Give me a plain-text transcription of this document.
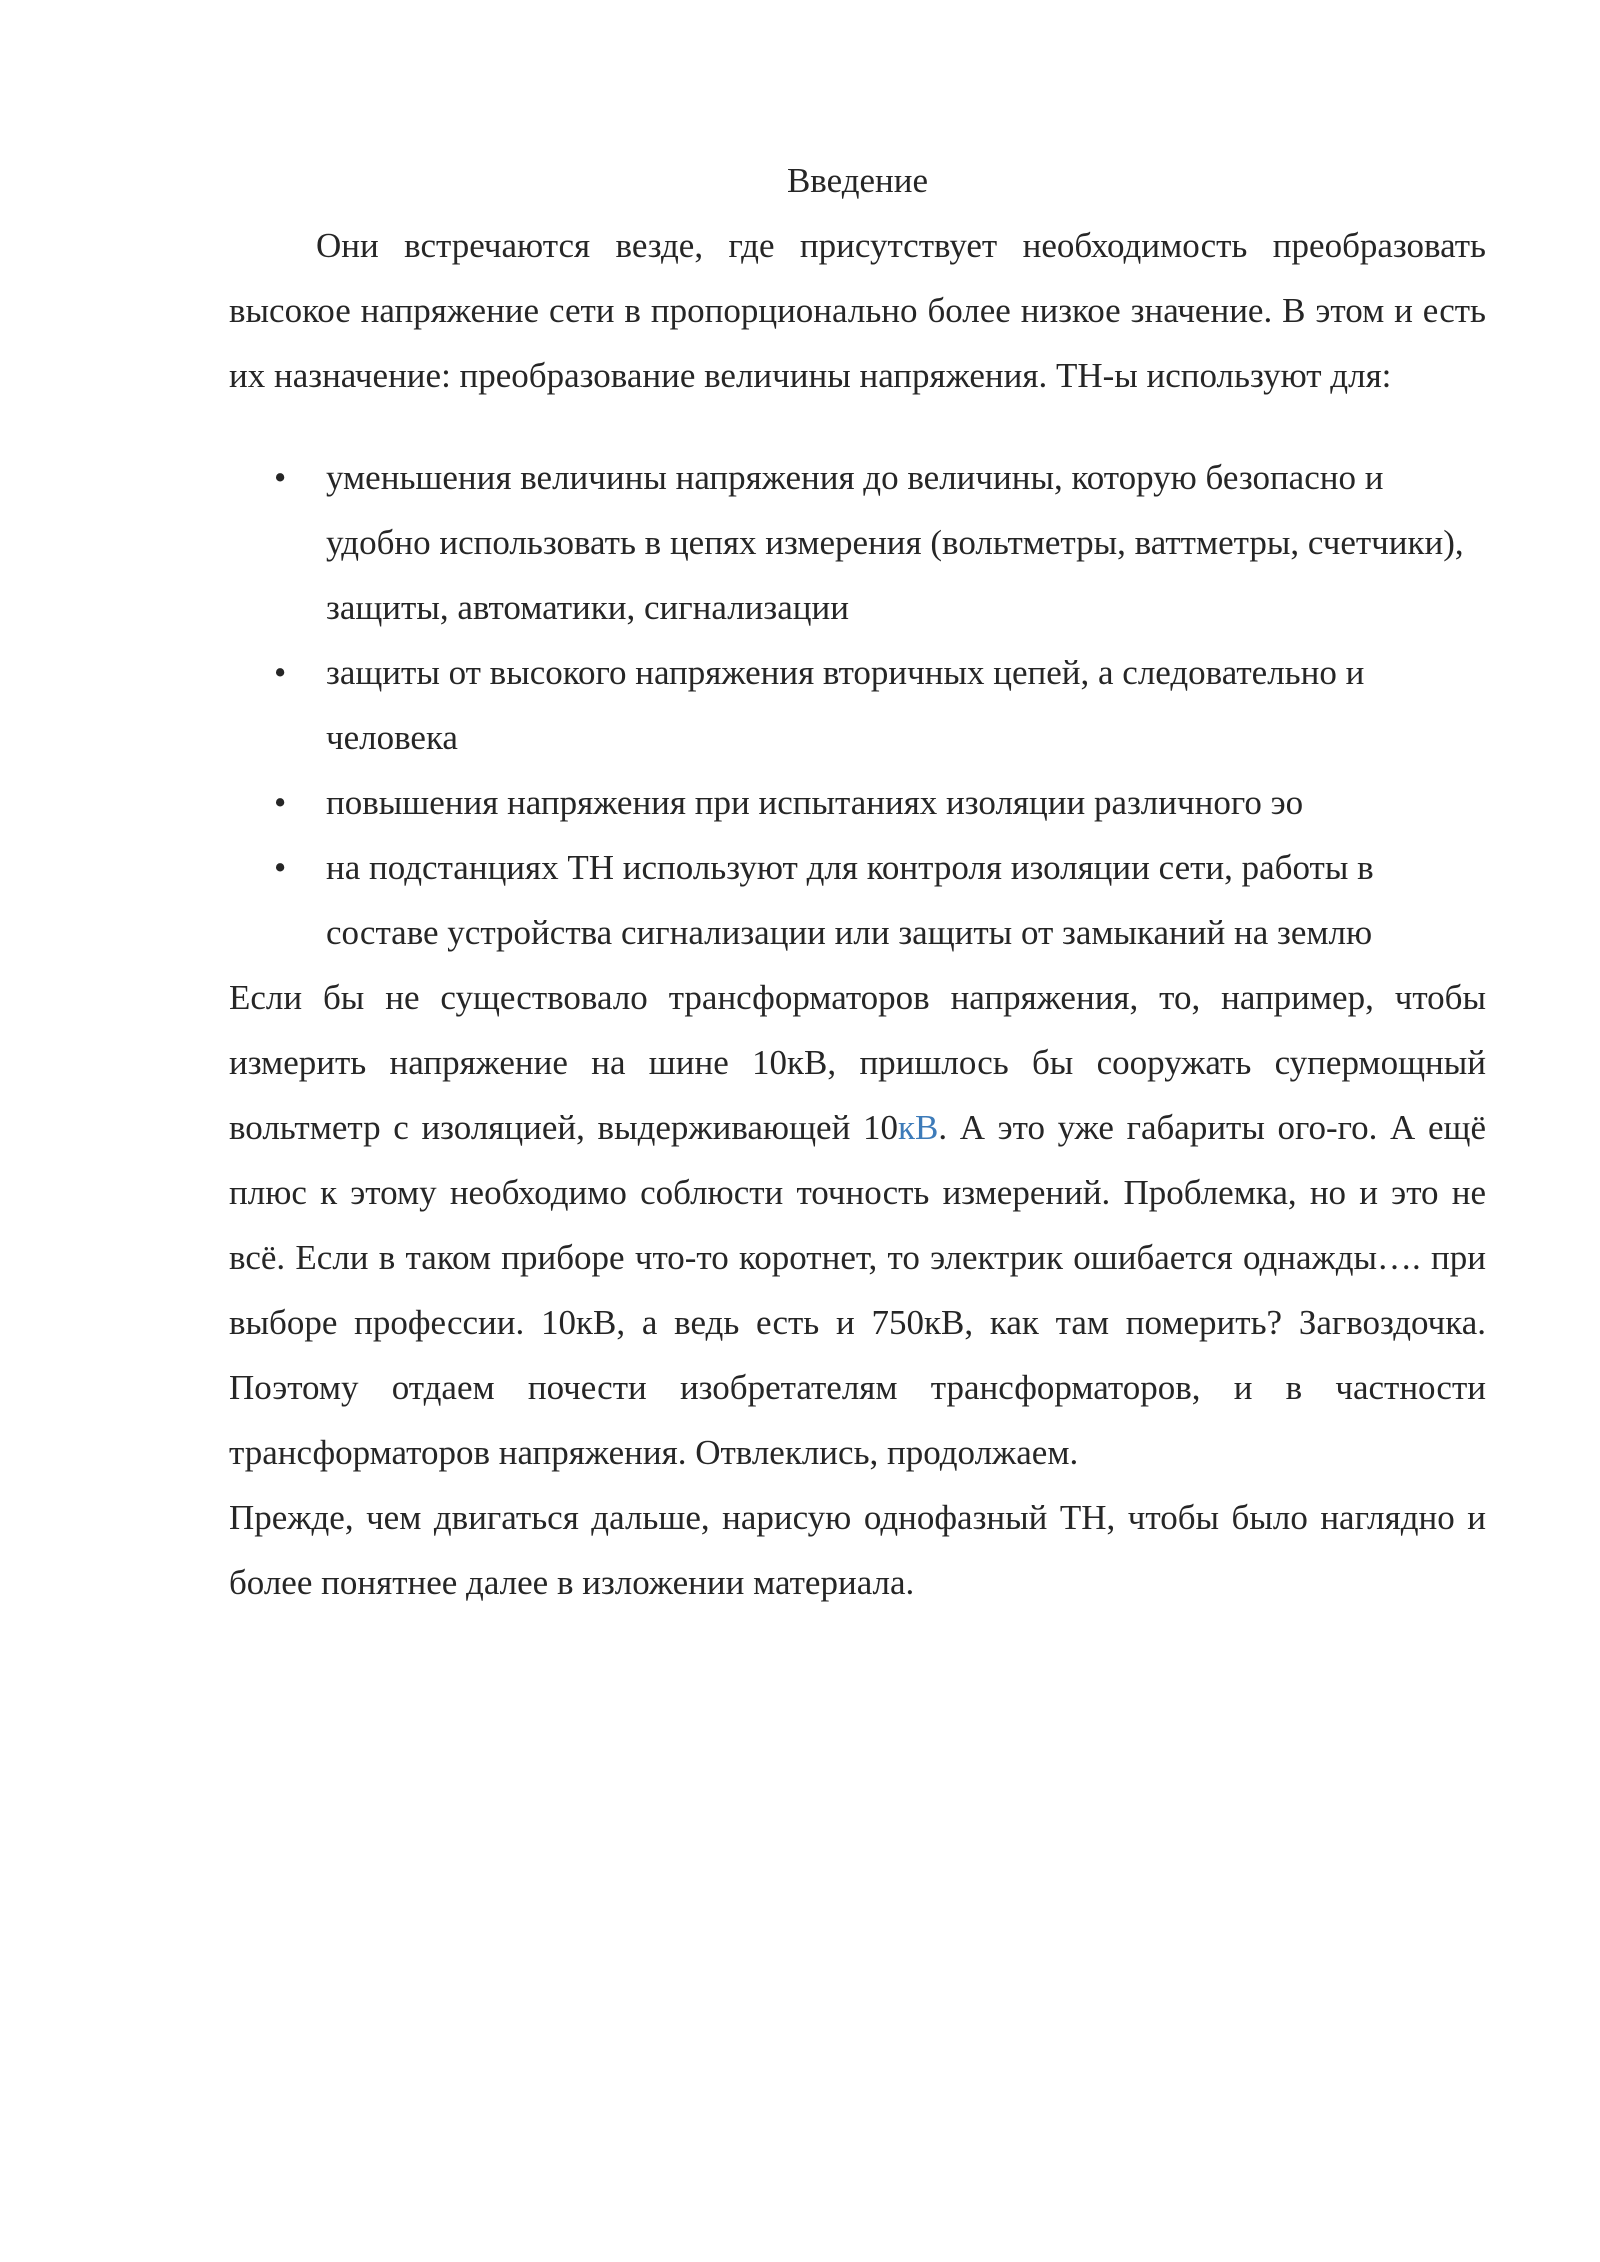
Введение

Они встречаются везде, где присутствует необходимость преобразовать высокое напряжение сети в пропорционально более низкое значение. В этом и есть их назначение: преобразование величины напряжения. ТН-ы используют для:

• уменьшения величины напряжения до величины, которую безопасно и удобно использовать в цепях измерения (вольтметры, ваттметры, счетчики), защиты, автоматики, сигнализации
• защиты от высокого напряжения вторичных цепей, а следовательно и человека
• повышения напряжения при испытаниях изоляции различного эо
• на подстанциях ТН используют для контроля изоляции сети, работы в составе устройства сигнализации или защиты от замыканий на землю

Если бы не существовало трансформаторов напряжения, то, например, чтобы измерить напряжение на шине 10кВ, пришлось бы сооружать супермощный вольтметр с изоляцией, выдерживающей 10кВ. А это уже габариты ого-го. А ещё плюс к этому необходимо соблюсти точность измерений. Проблемка, но и это не всё. Если в таком приборе что-то коротнет, то электрик ошибается однажды…. при выборе профессии. 10кВ, а ведь есть и 750кВ, как там померить? Загвоздочка. Поэтому отдаем почести изобретателям трансформаторов, и в частности трансформаторов напряжения. Отвлеклись, продолжаем.

Прежде, чем двигаться дальше, нарисую однофазный ТН, чтобы было наглядно и более понятнее далее в изложении материала.
